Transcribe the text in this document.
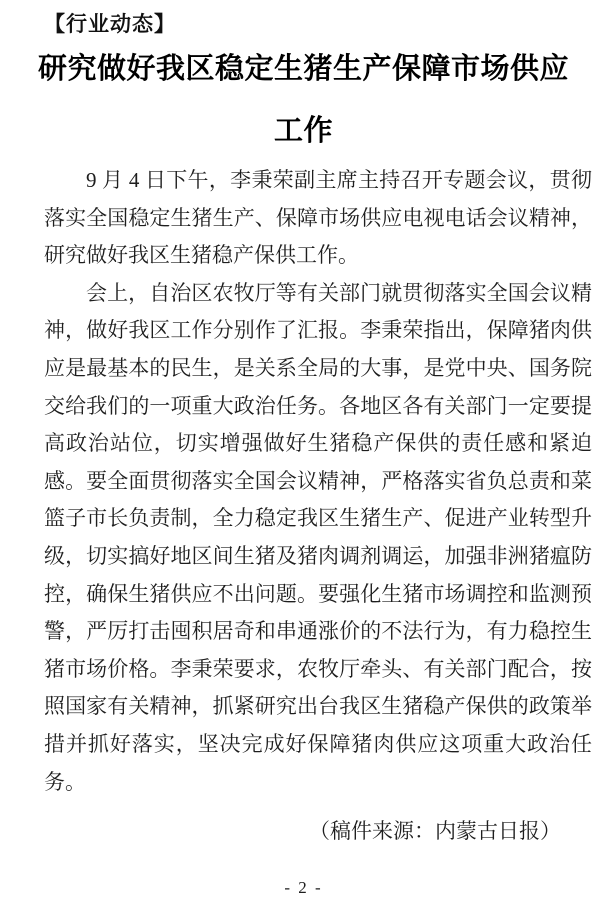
【行业动态】
研究做好我区稳定生猪生产保障市场供应
工作

9 月 4 日下午，李秉荣副主席主持召开专题会议，贯彻落实全国稳定生猪生产、保障市场供应电视电话会议精神，研究做好我区生猪稳产保供工作。

会上，自治区农牧厅等有关部门就贯彻落实全国会议精神，做好我区工作分别作了汇报。李秉荣指出，保障猪肉供应是最基本的民生，是关系全局的大事，是党中央、国务院交给我们的一项重大政治任务。各地区各有关部门一定要提高政治站位，切实增强做好生猪稳产保供的责任感和紧迫感。要全面贯彻落实全国会议精神，严格落实省负总责和菜篮子市长负责制，全力稳定我区生猪生产、促进产业转型升级，切实搞好地区间生猪及猪肉调剂调运，加强非洲猪瘟防控，确保生猪供应不出问题。要强化生猪市场调控和监测预警，严厉打击囤积居奇和串通涨价的不法行为，有力稳控生猪市场价格。李秉荣要求，农牧厅牵头、有关部门配合，按照国家有关精神，抓紧研究出台我区生猪稳产保供的政策举措并抓好落实，坚决完成好保障猪肉供应这项重大政治任务。

（稿件来源：内蒙古日报）

- 2 -
